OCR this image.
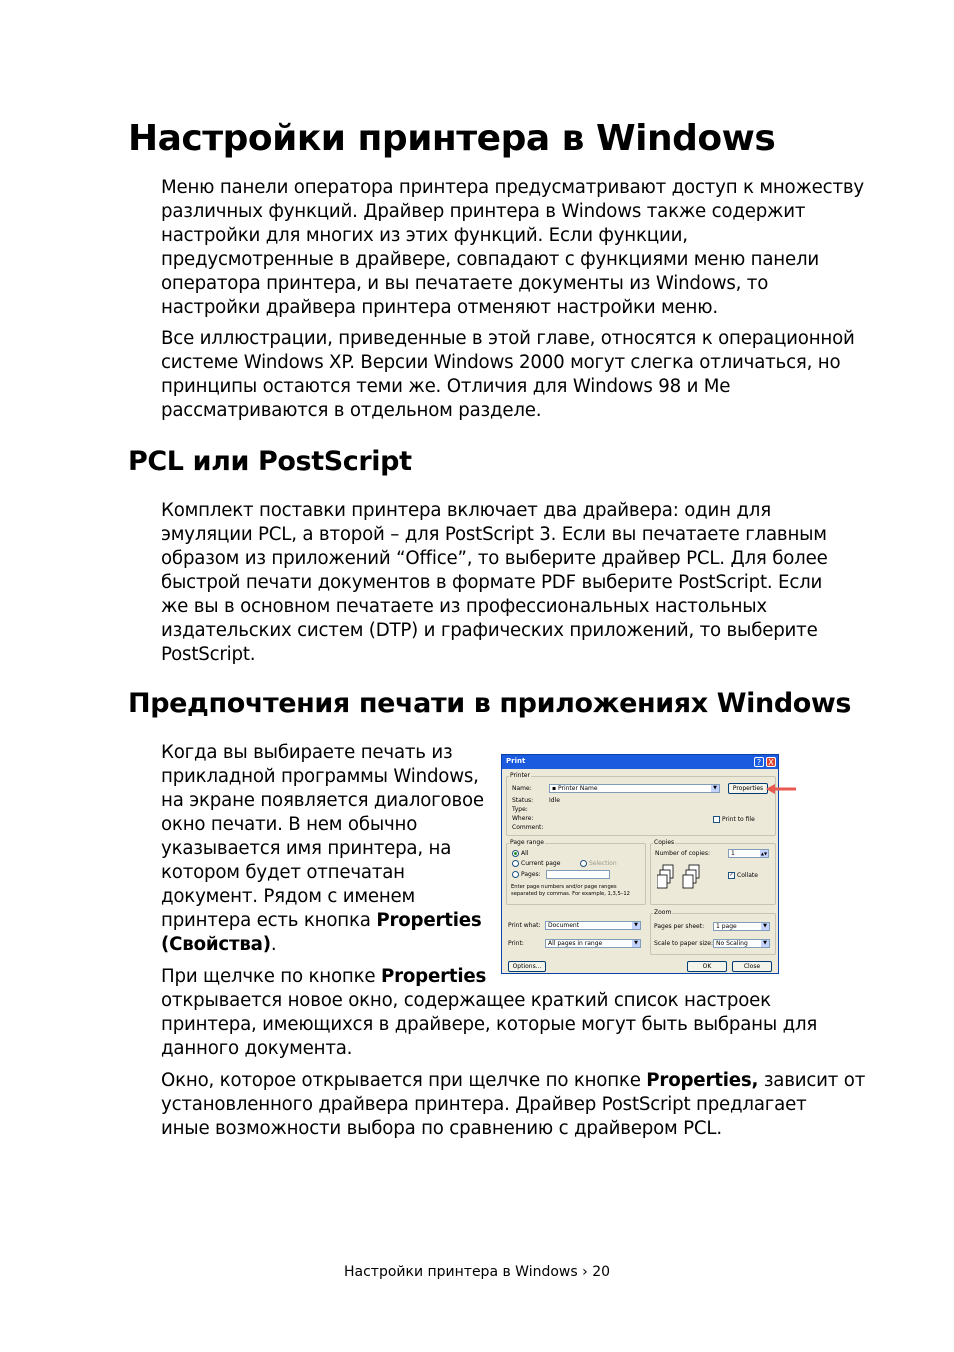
Настройки принтера в Windows

Меню панели оператора принтера предусматривают доступ к множеству

различных функций. Драйвер принтера в Windows также содержит

настройки для многих из этих функций. Если функции,

предусмотренные в драйвере, совпадают с функциями меню панели

оператора принтера, и вы печатаете документы из Windows, то

настройки драйвера принтера отменяют настройки меню.

Все иллюстрации, приведенные в этой главе, относятся к операционной

системе Windows XP. Версии Windows 2000 могут слегка отличаться, но

принципы остаются теми же. Отличия для Windows 98 и Me

рассматриваются в отдельном разделе.

PCL или PostScript

Комплект поставки принтера включает два драйвера: один для

эмуляции PCL, а второй – для PostScript 3. Если вы печатаете главным

образом из приложений “Office”, то выберите драйвер PCL. Для более

быстрой печати документов в формате PDF выберите PostScript. Если

же вы в основном печатаете из профессиональных настольных

издательских систем (DTP) и графических приложений, то выберите

PostScript.

Предпочтения печати в приложениях Windows

Когда вы выбираете печать из

прикладной программы Windows,

на экране появляется диалоговое

окно печати. В нем обычно

указывается имя принтера, на

котором будет отпечатан

документ. Рядом с именем

принтера есть кнопка Properties

(Свойства).

При щелчке по кнопке Properties

открывается новое окно, содержащее краткий список настроек

принтера, имеющихся в драйвере, которые могут быть выбраны для

данного документа.

Окно, которое открывается при щелчке по кнопке Properties, зависит от

установленного драйвера принтера. Драйвер PostScript предлагает

иные возможности выбора по сравнению с драйвером PCL.

Print	? X
Printer
Name:	▪ Printer Name	▼	Properties
Status:	Idle
Type:
Where:
Comment:
Print to file
Page range
All
Current page	Selection
Pages:
Enter page numbers and/or page ranges
separated by commas. For example, 1,3,5–12
Copies
Number of copies:	1	▲▼
✓ Collate
Print what:	Document	▼
Print:	All pages in range	▼
Zoom
Pages per sheet:	1 page	▼
Scale to paper size: No Scaling	▼
Options...	OK	Close
Настройки принтера в Windows › 20
